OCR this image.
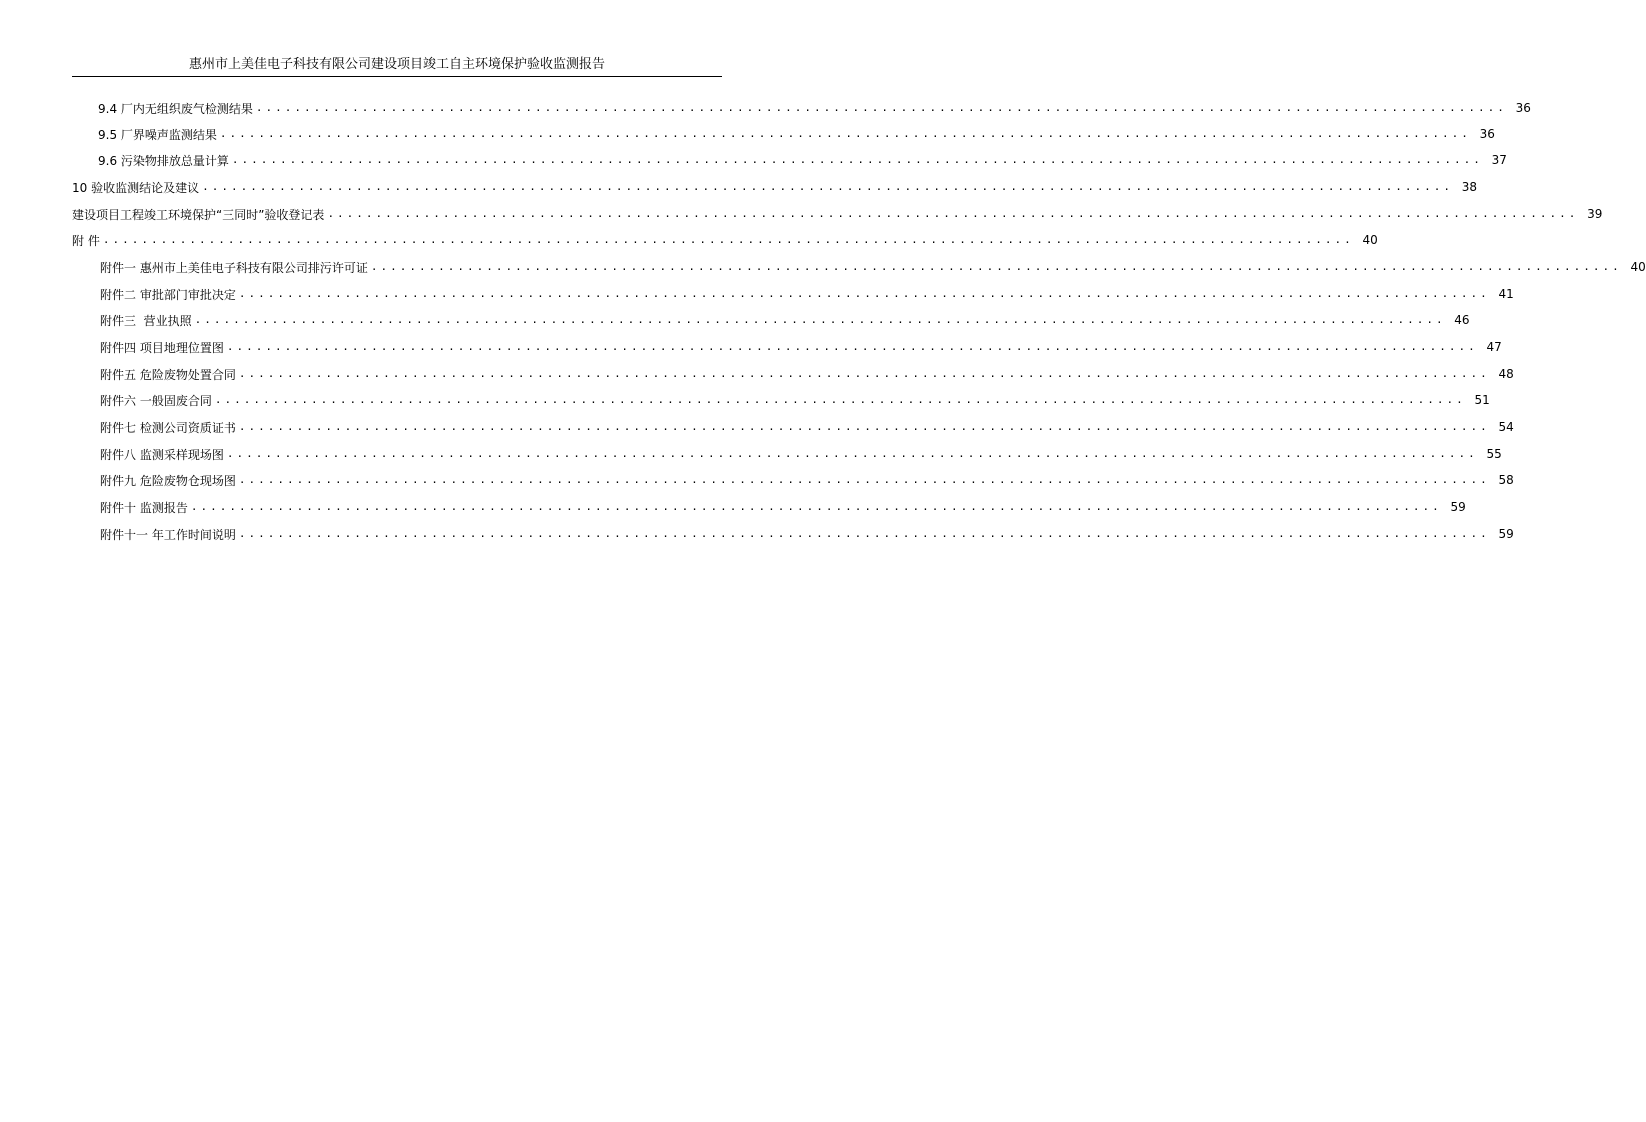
惠州市上美佳电子科技有限公司建设项目竣工自主环境保护验收监测报告
9.4 厂内无组织废气检测结果 .................................................................................................................................. 36
9.5 厂界噪声监测结果 .................................................................................................................................. 36
9.6 污染物排放总量计算 .................................................................................................................................. 37
10 验收监测结论及建议 .................................................................................................................................. 38
建设项目工程竣工环境保护“三同时”验收登记表 .................................................................................................................................. 39
附 件 .................................................................................................................................. 40
附件一 惠州市上美佳电子科技有限公司排污许可证 .................................................................................................................................. 40
附件二 审批部门审批决定 .................................................................................................................................. 41
附件三  营业执照 .................................................................................................................................. 46
附件四 项目地理位置图 .................................................................................................................................. 47
附件五 危险废物处置合同 .................................................................................................................................. 48
附件六 一般固废合同 .................................................................................................................................. 51
附件七 检测公司资质证书 .................................................................................................................................. 54
附件八 监测采样现场图 .................................................................................................................................. 55
附件九 危险废物仓现场图 .................................................................................................................................. 58
附件十 监测报告 .................................................................................................................................. 59
附件十一 年工作时间说明 .................................................................................................................................. 59
